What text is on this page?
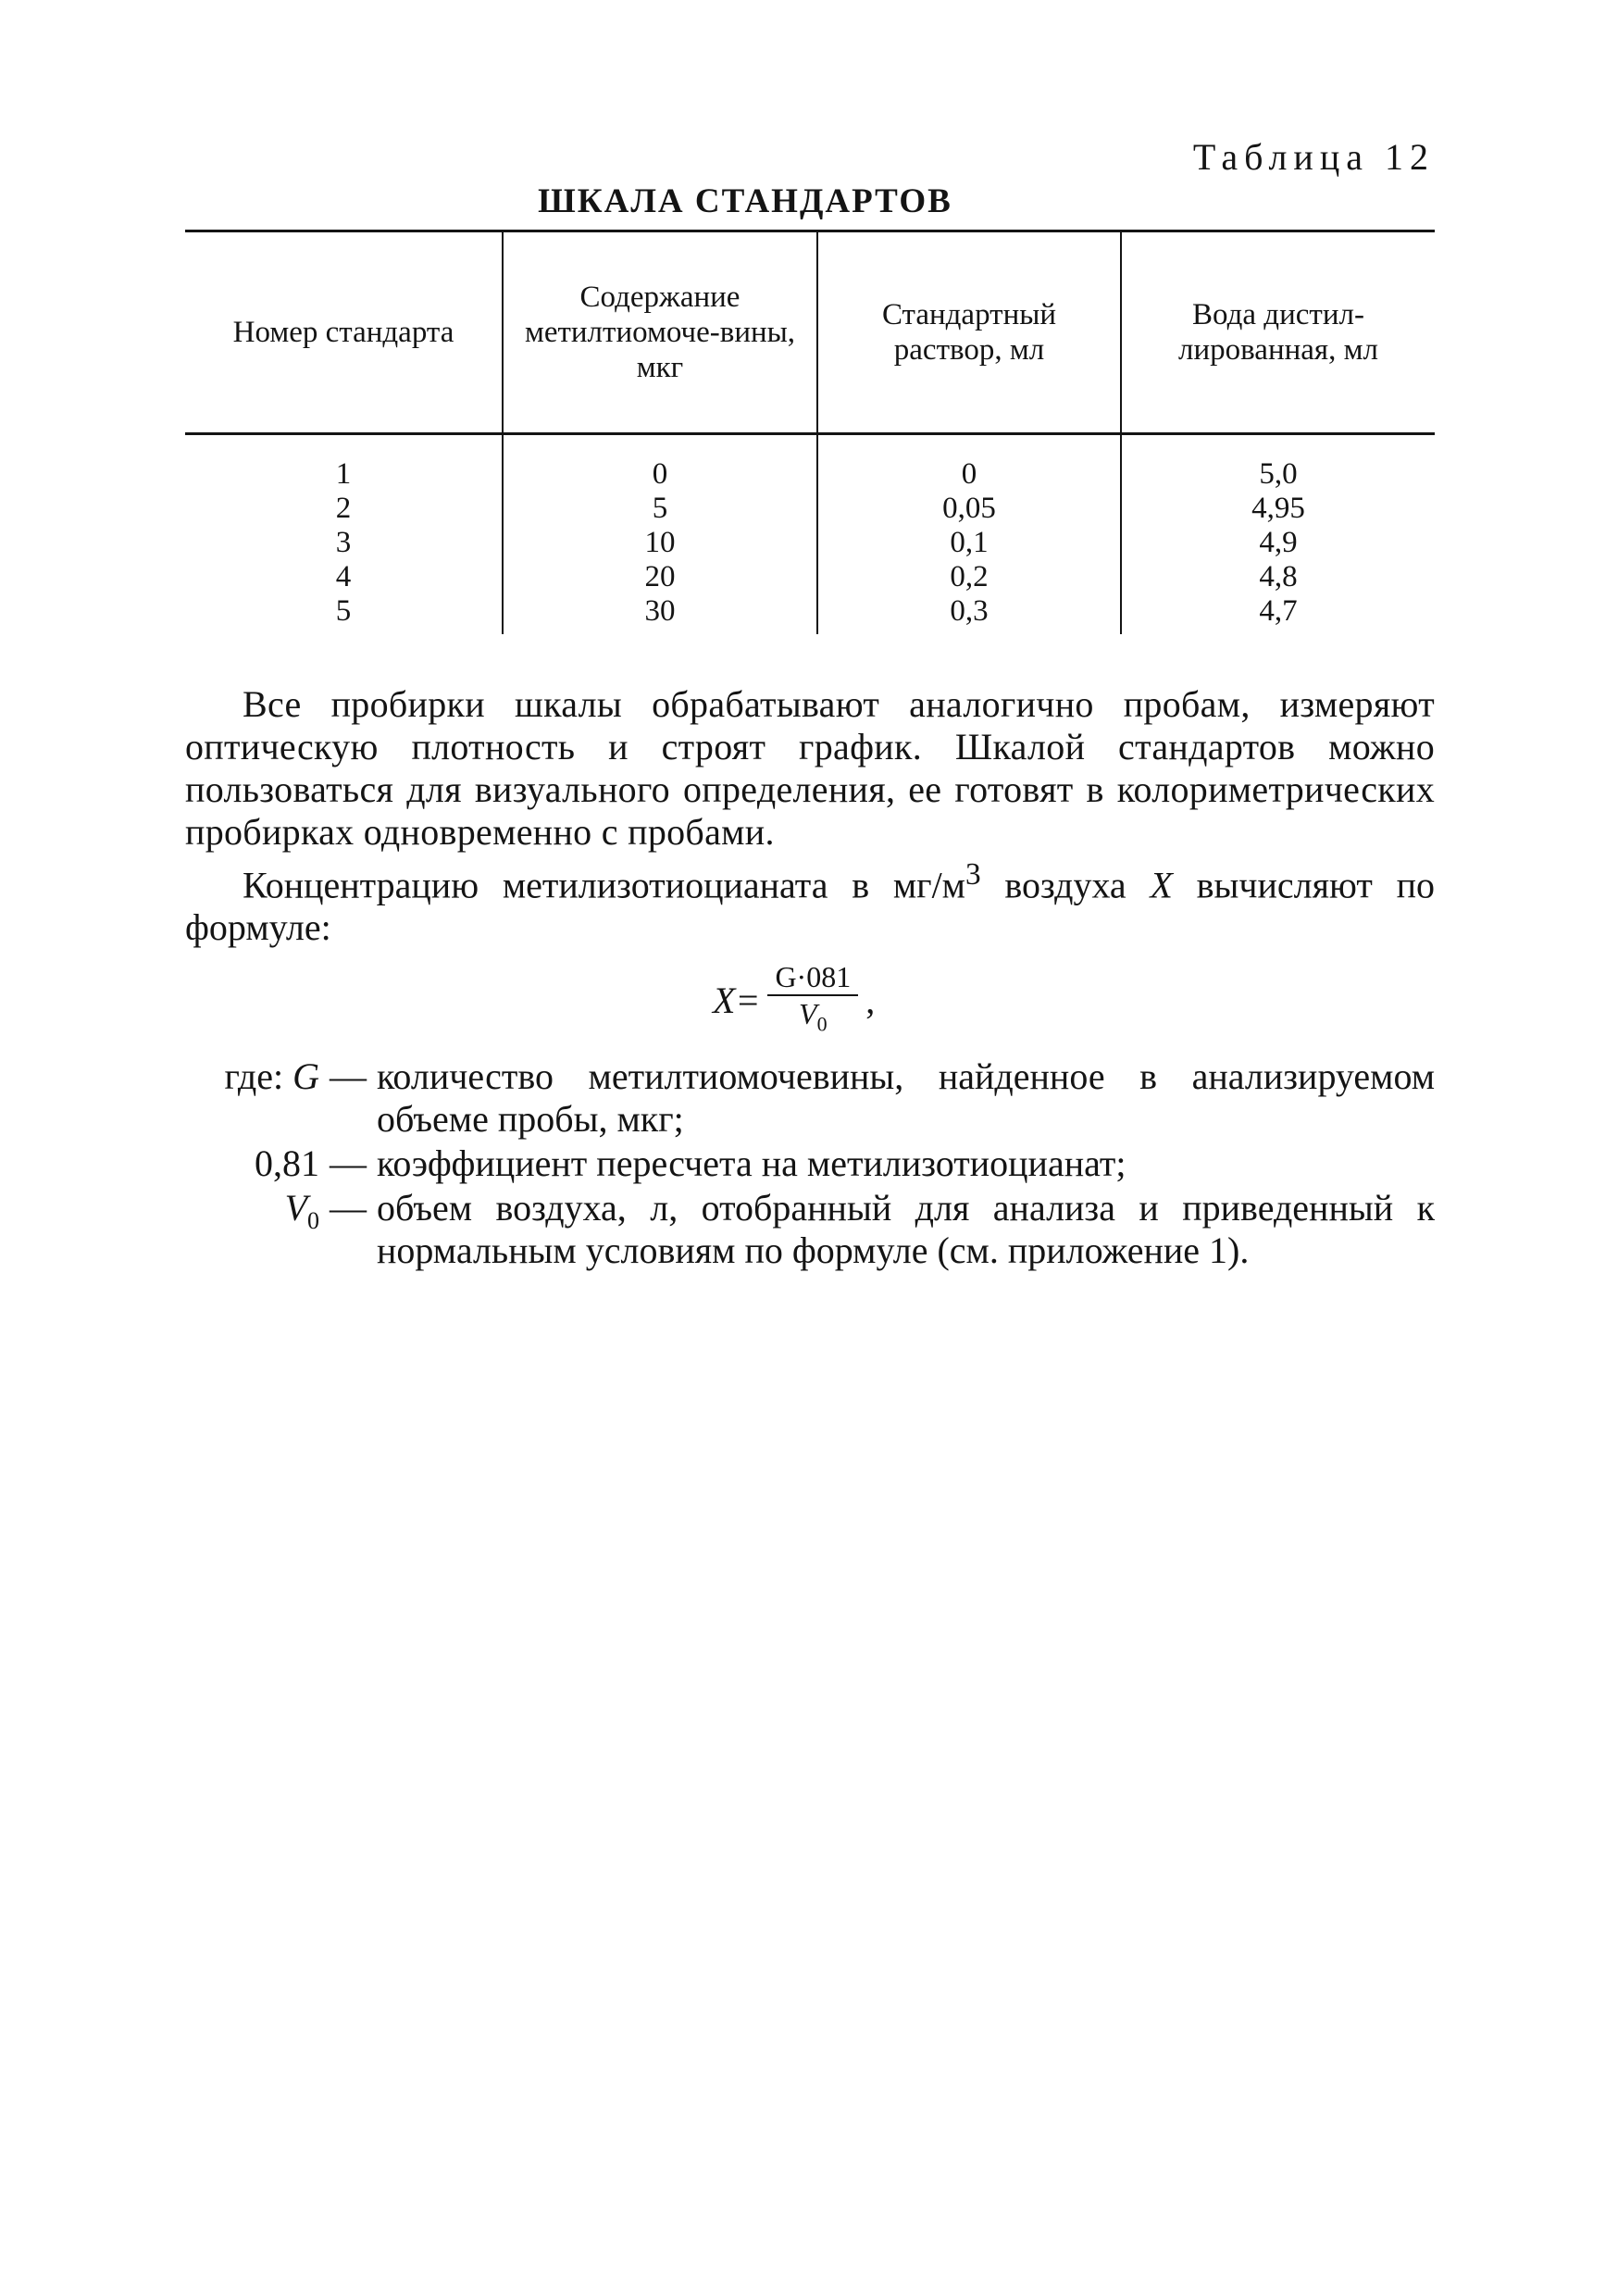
Таблица 12
ШКАЛА СТАНДАРТОВ
Номер стандарта	Содержание метилтиомоче-вины, мкг	Стандартный раствор, мл	Вода дистил-лированная, мл
1	0	0	5,0
2	5	0,05	4,95
3	10	0,1	4,9
4	20	0,2	4,8
5	30	0,3	4,7

Все пробирки шкалы обрабатывают аналогично пробам, измеряют оптическую плотность и строят график. Шкалой стандартов можно пользоваться для визуального определения, ее готовят в колориметрических пробирках одновременно с пробами.

Концентрацию метилизотиоцианата в $мг/м^3$ воздуха X вычисляют по формуле:

$X= \frac{G\cdot 081}{V_0}$ ,
где: G — количество метилтиомочевины, найденное в анализируемом объеме пробы, мкг;
0,81 — коэффициент пересчета на метилизотиоцианат;
$V_0$ — объем воздуха, л, отобранный для анализа и приведенный к нормальным условиям по формуле (см. приложение 1).
